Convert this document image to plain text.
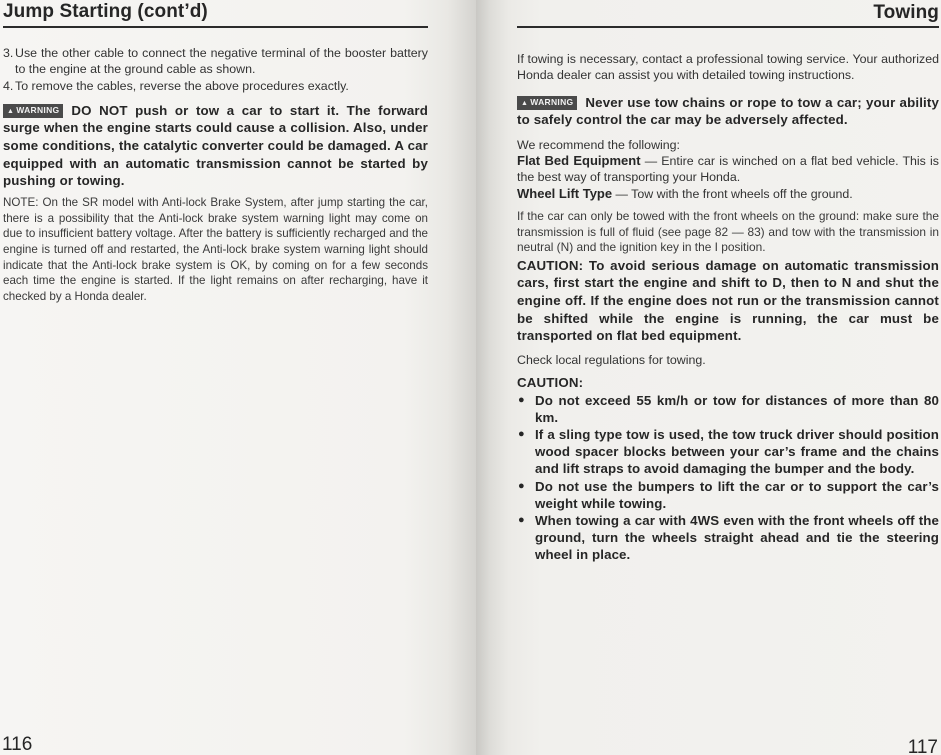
Jump Starting (cont’d)
3. Use the other cable to connect the negative terminal of the booster battery to the engine at the ground cable as shown.
4. To remove the cables, reverse the above procedures exactly.

▲ WARNING DO NOT push or tow a car to start it. The forward surge when the engine starts could cause a collision. Also, under some conditions, the catalytic converter could be damaged. A car equipped with an automatic transmission cannot be started by pushing or towing.

NOTE: On the SR model with Anti-lock Brake System, after jump starting the car, there is a possibility that the Anti-lock brake system warning light may come on due to insufficient battery voltage. After the battery is sufficiently recharged and the engine is turned off and restarted, the Anti-lock brake system warning light should indicate that the Anti-lock brake system is OK, by coming on for a few seconds each time the engine is started. If the light remains on after recharging, have it checked by a Honda dealer.

116
Towing

If towing is necessary, contact a professional towing service. Your authorized Honda dealer can assist you with detailed towing instructions.

▲ WARNING Never use tow chains or rope to tow a car; your ability to safely control the car may be adversely affected.

We recommend the following:

Flat Bed Equipment — Entire car is winched on a flat bed vehicle. This is the best way of transporting your Honda.

Wheel Lift Type — Tow with the front wheels off the ground.

If the car can only be towed with the front wheels on the ground: make sure the transmission is full of fluid (see page 82 — 83) and tow with the transmission in neutral (N) and the ignition key in the I position.

CAUTION: To avoid serious damage on automatic transmission cars, first start the engine and shift to D, then to N and shut the engine off. If the engine does not run or the transmission cannot be shifted while the engine is running, the car must be transported on flat bed equipment.

Check local regulations for towing.

CAUTION:

● Do not exceed 55 km/h or tow for distances of more than 80 km.
● If a sling type tow is used, the tow truck driver should position wood spacer blocks between your car’s frame and the chains and lift straps to avoid damaging the bumper and the body.
● Do not use the bumpers to lift the car or to support the car’s weight while towing.
● When towing a car with 4WS even with the front wheels off the ground, turn the wheels straight ahead and tie the steering wheel in place.
117
